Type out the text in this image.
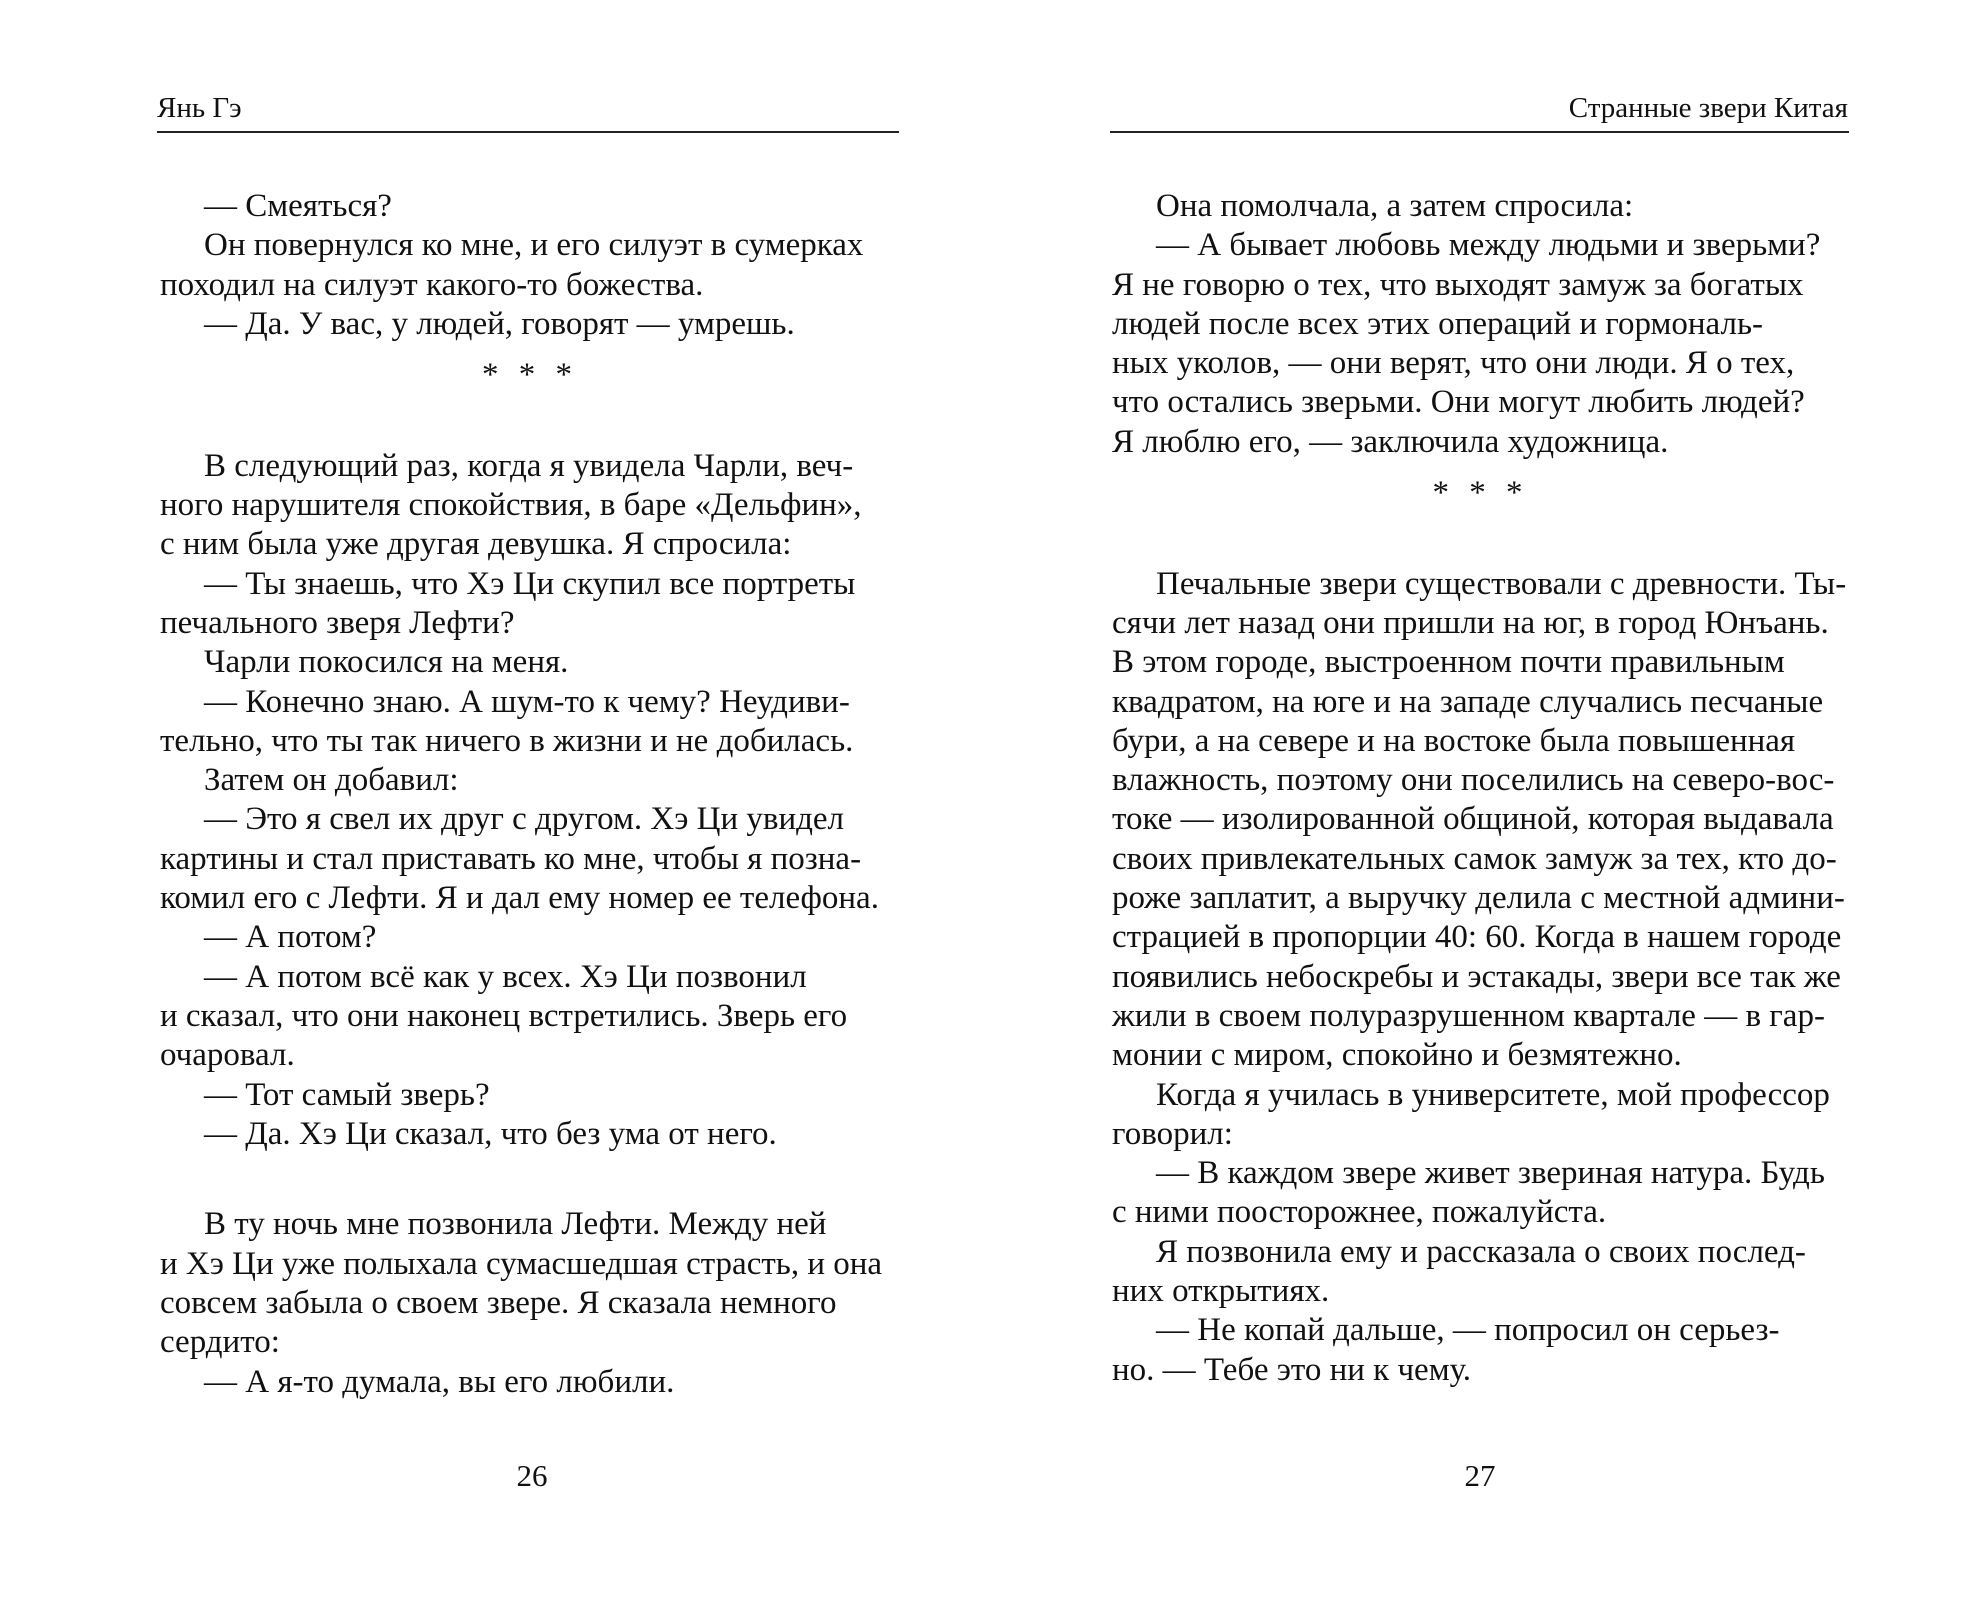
Янь Гэ
— Смеяться?
Он повернулся ко мне, и его силуэт в сумерках
походил на силуэт какого-то божества.
— Да. У вас, у людей, говорят — умрешь.
* * *
В следующий раз, когда я увидела Чарли, веч-
ного нарушителя спокойствия, в баре «Дельфин»,
с ним была уже другая девушка. Я спросила:
— Ты знаешь, что Хэ Ци скупил все портреты
печального зверя Лефти?
Чарли покосился на меня.
— Конечно знаю. А шум-то к чему? Неудиви-
тельно, что ты так ничего в жизни и не добилась.
Затем он добавил:
— Это я свел их друг с другом. Хэ Ци увидел
картины и стал приставать ко мне, чтобы я позна-
комил его с Лефти. Я и дал ему номер ее телефона.
— А потом?
— А потом всё как у всех. Хэ Ци позвонил
и сказал, что они наконец встретились. Зверь его
очаровал.
— Тот самый зверь?
— Да. Хэ Ци сказал, что без ума от него.
В ту ночь мне позвонила Лефти. Между ней
и Хэ Ци уже полыхала сумасшедшая страсть, и она
совсем забыла о своем звере. Я сказала немного
сердито:
— А я-то думала, вы его любили.
26
Странные звери Китая
Она помолчала, а затем спросила:
— А бывает любовь между людьми и зверьми?
Я не говорю о тех, что выходят замуж за богатых
людей после всех этих операций и гормональ-
ных уколов, — они верят, что они люди. Я о тех,
что остались зверьми. Они могут любить людей?
Я люблю его, — заключила художница.
* * *
Печальные звери существовали с древности. Ты-
сячи лет назад они пришли на юг, в город Юнъань.
В этом городе, выстроенном почти правильным
квадратом, на юге и на западе случались песчаные
бури, а на севере и на востоке была повышенная
влажность, поэтому они поселились на северо-вос-
токе — изолированной общиной, которая выдавала
своих привлекательных самок замуж за тех, кто до-
роже заплатит, а выручку делила с местной админи-
страцией в пропорции 40: 60. Когда в нашем городе
появились небоскребы и эстакады, звери все так же
жили в своем полуразрушенном квартале — в гар-
монии с миром, спокойно и безмятежно.
Когда я училась в университете, мой профессор
говорил:
— В каждом звере живет звериная натура. Будь
с ними поосторожнее, пожалуйста.
Я позвонила ему и рассказала о своих послед-
них открытиях.
— Не копай дальше, — попросил он серьез-
но. — Тебе это ни к чему.
27
